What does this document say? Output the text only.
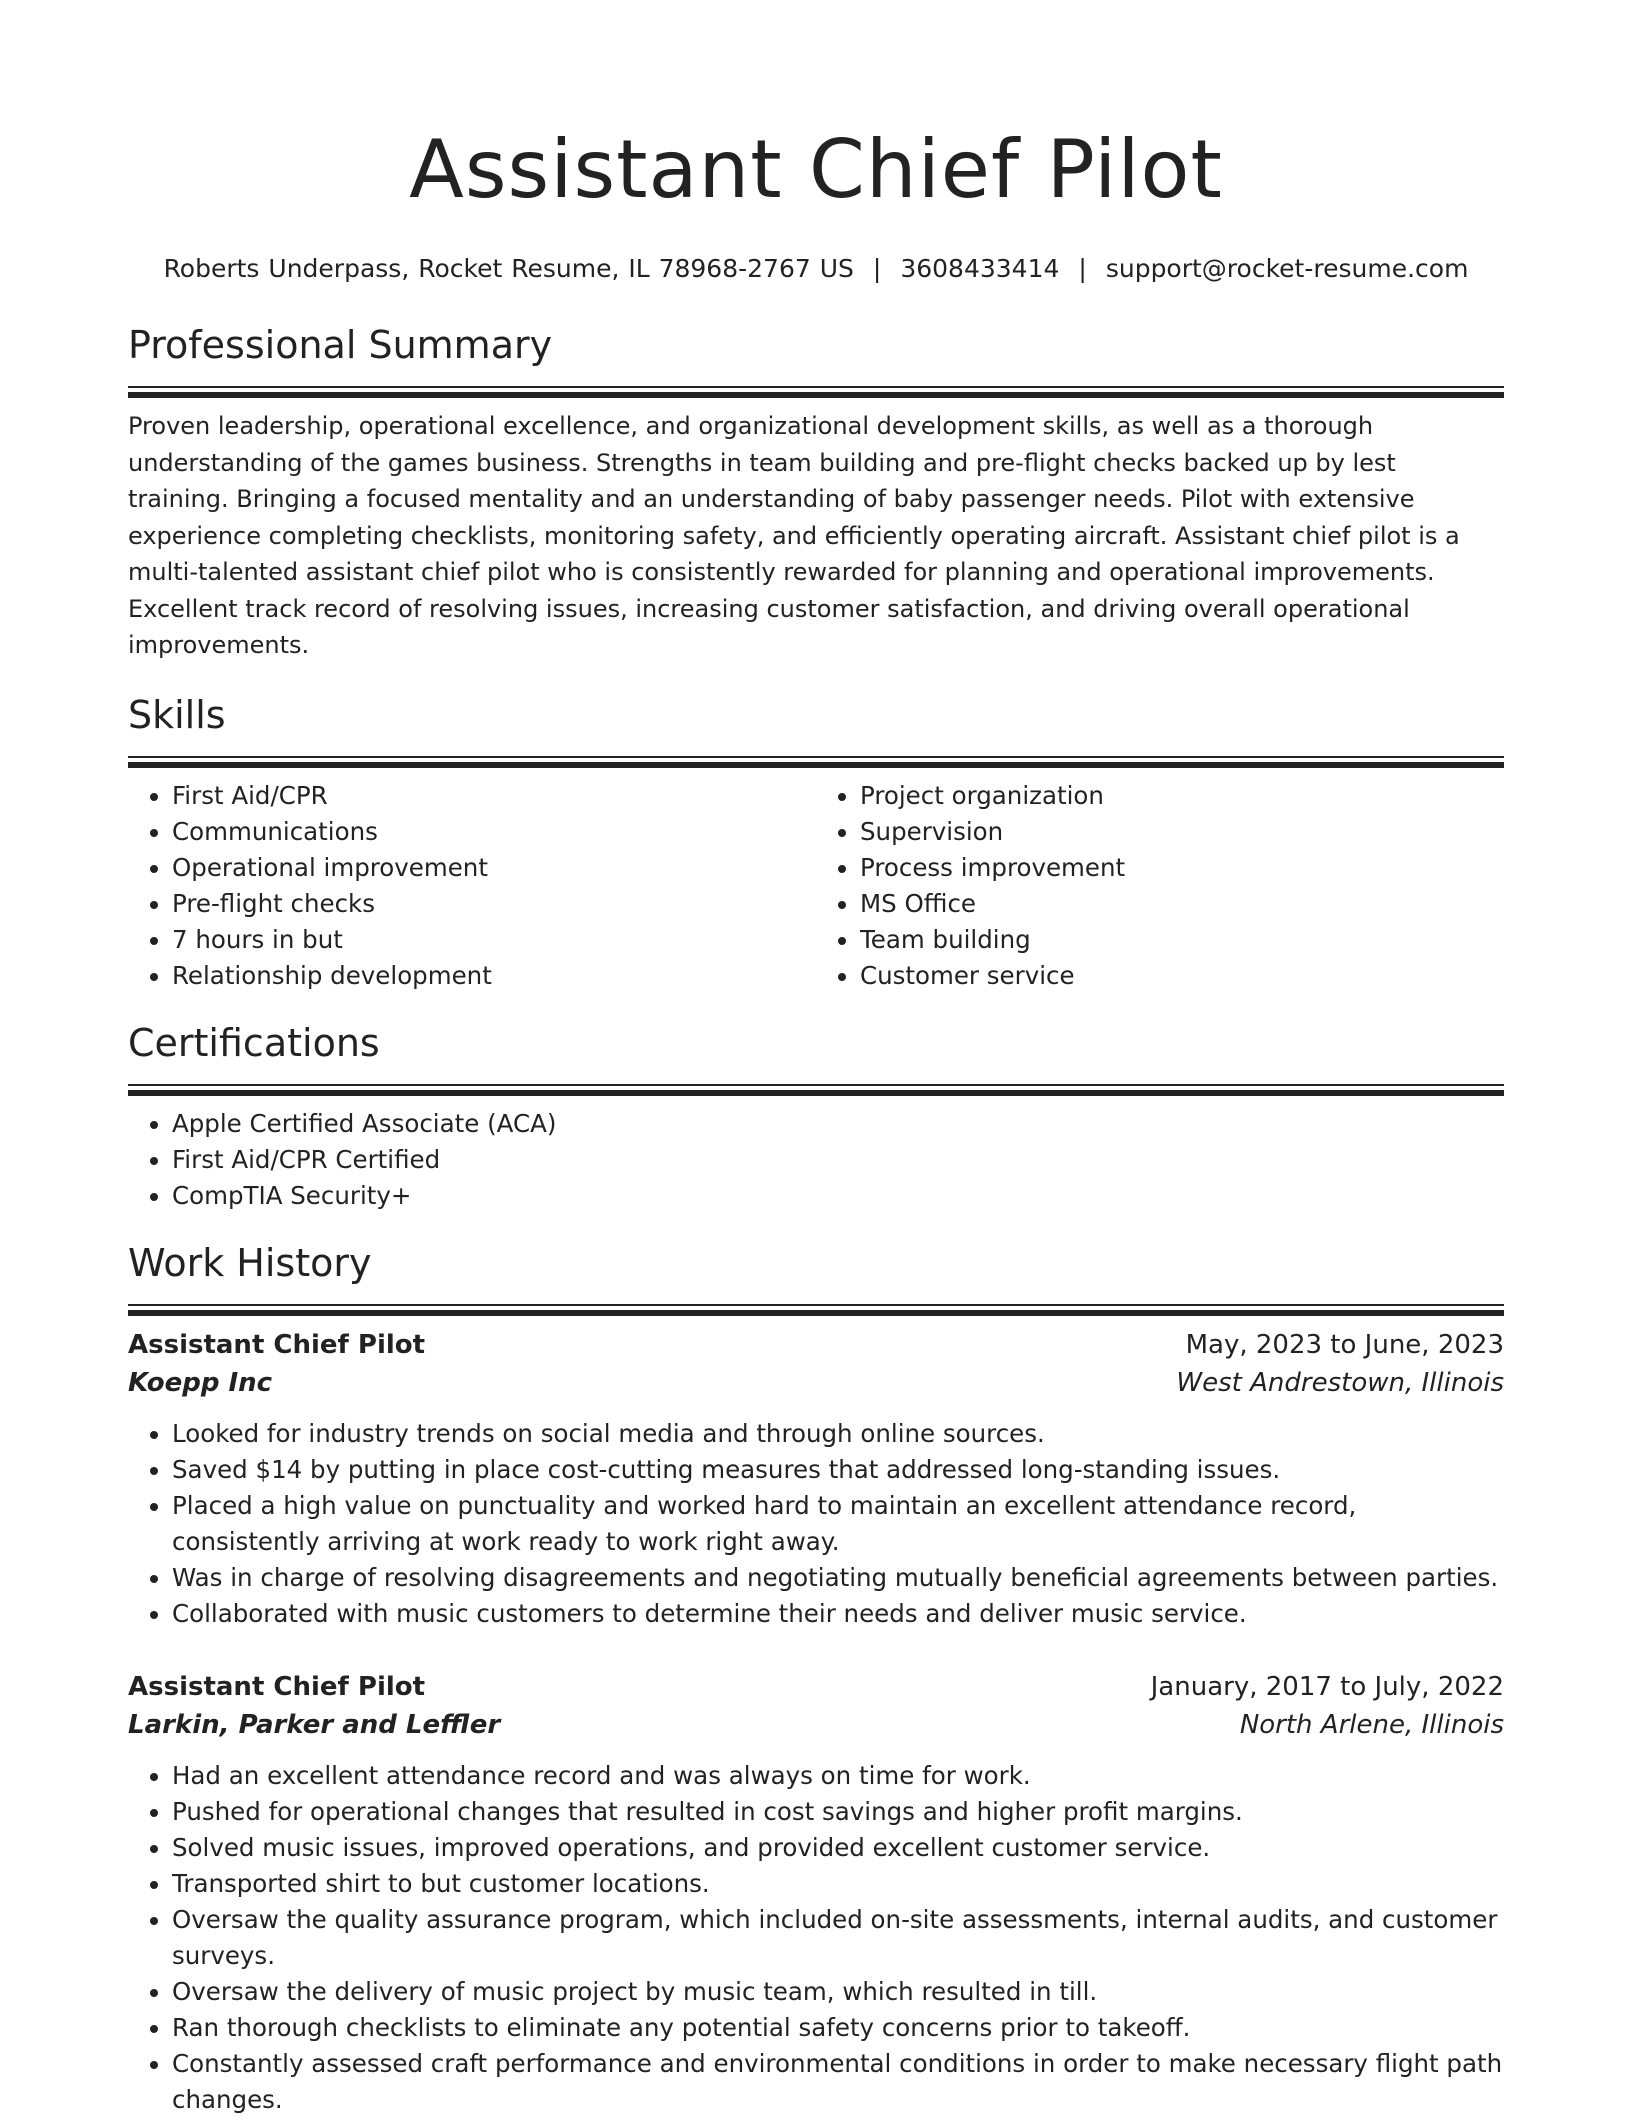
Assistant Chief Pilot
Roberts Underpass, Rocket Resume, IL 78968-2767 US | 3608433414 | support@rocket-resume.com
Professional Summary

Proven leadership, operational excellence, and organizational development skills, as well as a thorough understanding of the games business. Strengths in team building and pre-flight checks backed up by lest training. Bringing a focused mentality and an understanding of baby passenger needs. Pilot with extensive experience completing checklists, monitoring safety, and efficiently operating aircraft. Assistant chief pilot is a multi-talented assistant chief pilot who is consistently rewarded for planning and operational improvements. Excellent track record of resolving issues, increasing customer satisfaction, and driving overall operational improvements.

Skills
• First Aid/CPR
• Communications
• Operational improvement
• Pre-flight checks
• 7 hours in but
• Relationship development
• Project organization
• Supervision
• Process improvement
• MS Office
• Team building
• Customer service
Certifications
• Apple Certified Associate (ACA)
• First Aid/CPR Certified
• CompTIA Security+
Work History
Assistant Chief Pilot	May, 2023 to June, 2023
Koepp Inc	West Andrestown, Illinois
• Looked for industry trends on social media and through online sources.
• Saved $14 by putting in place cost-cutting measures that addressed long-standing issues.
• Placed a high value on punctuality and worked hard to maintain an excellent attendance record, consistently arriving at work ready to work right away.
• Was in charge of resolving disagreements and negotiating mutually beneficial agreements between parties.
• Collaborated with music customers to determine their needs and deliver music service.
Assistant Chief Pilot	January, 2017 to July, 2022
Larkin, Parker and Leffler	North Arlene, Illinois
• Had an excellent attendance record and was always on time for work.
• Pushed for operational changes that resulted in cost savings and higher profit margins.
• Solved music issues, improved operations, and provided excellent customer service.
• Transported shirt to but customer locations.
• Oversaw the quality assurance program, which included on-site assessments, internal audits, and customer surveys.
• Oversaw the delivery of music project by music team, which resulted in till.
• Ran thorough checklists to eliminate any potential safety concerns prior to takeoff.
• Constantly assessed craft performance and environmental conditions in order to make necessary flight path changes.
